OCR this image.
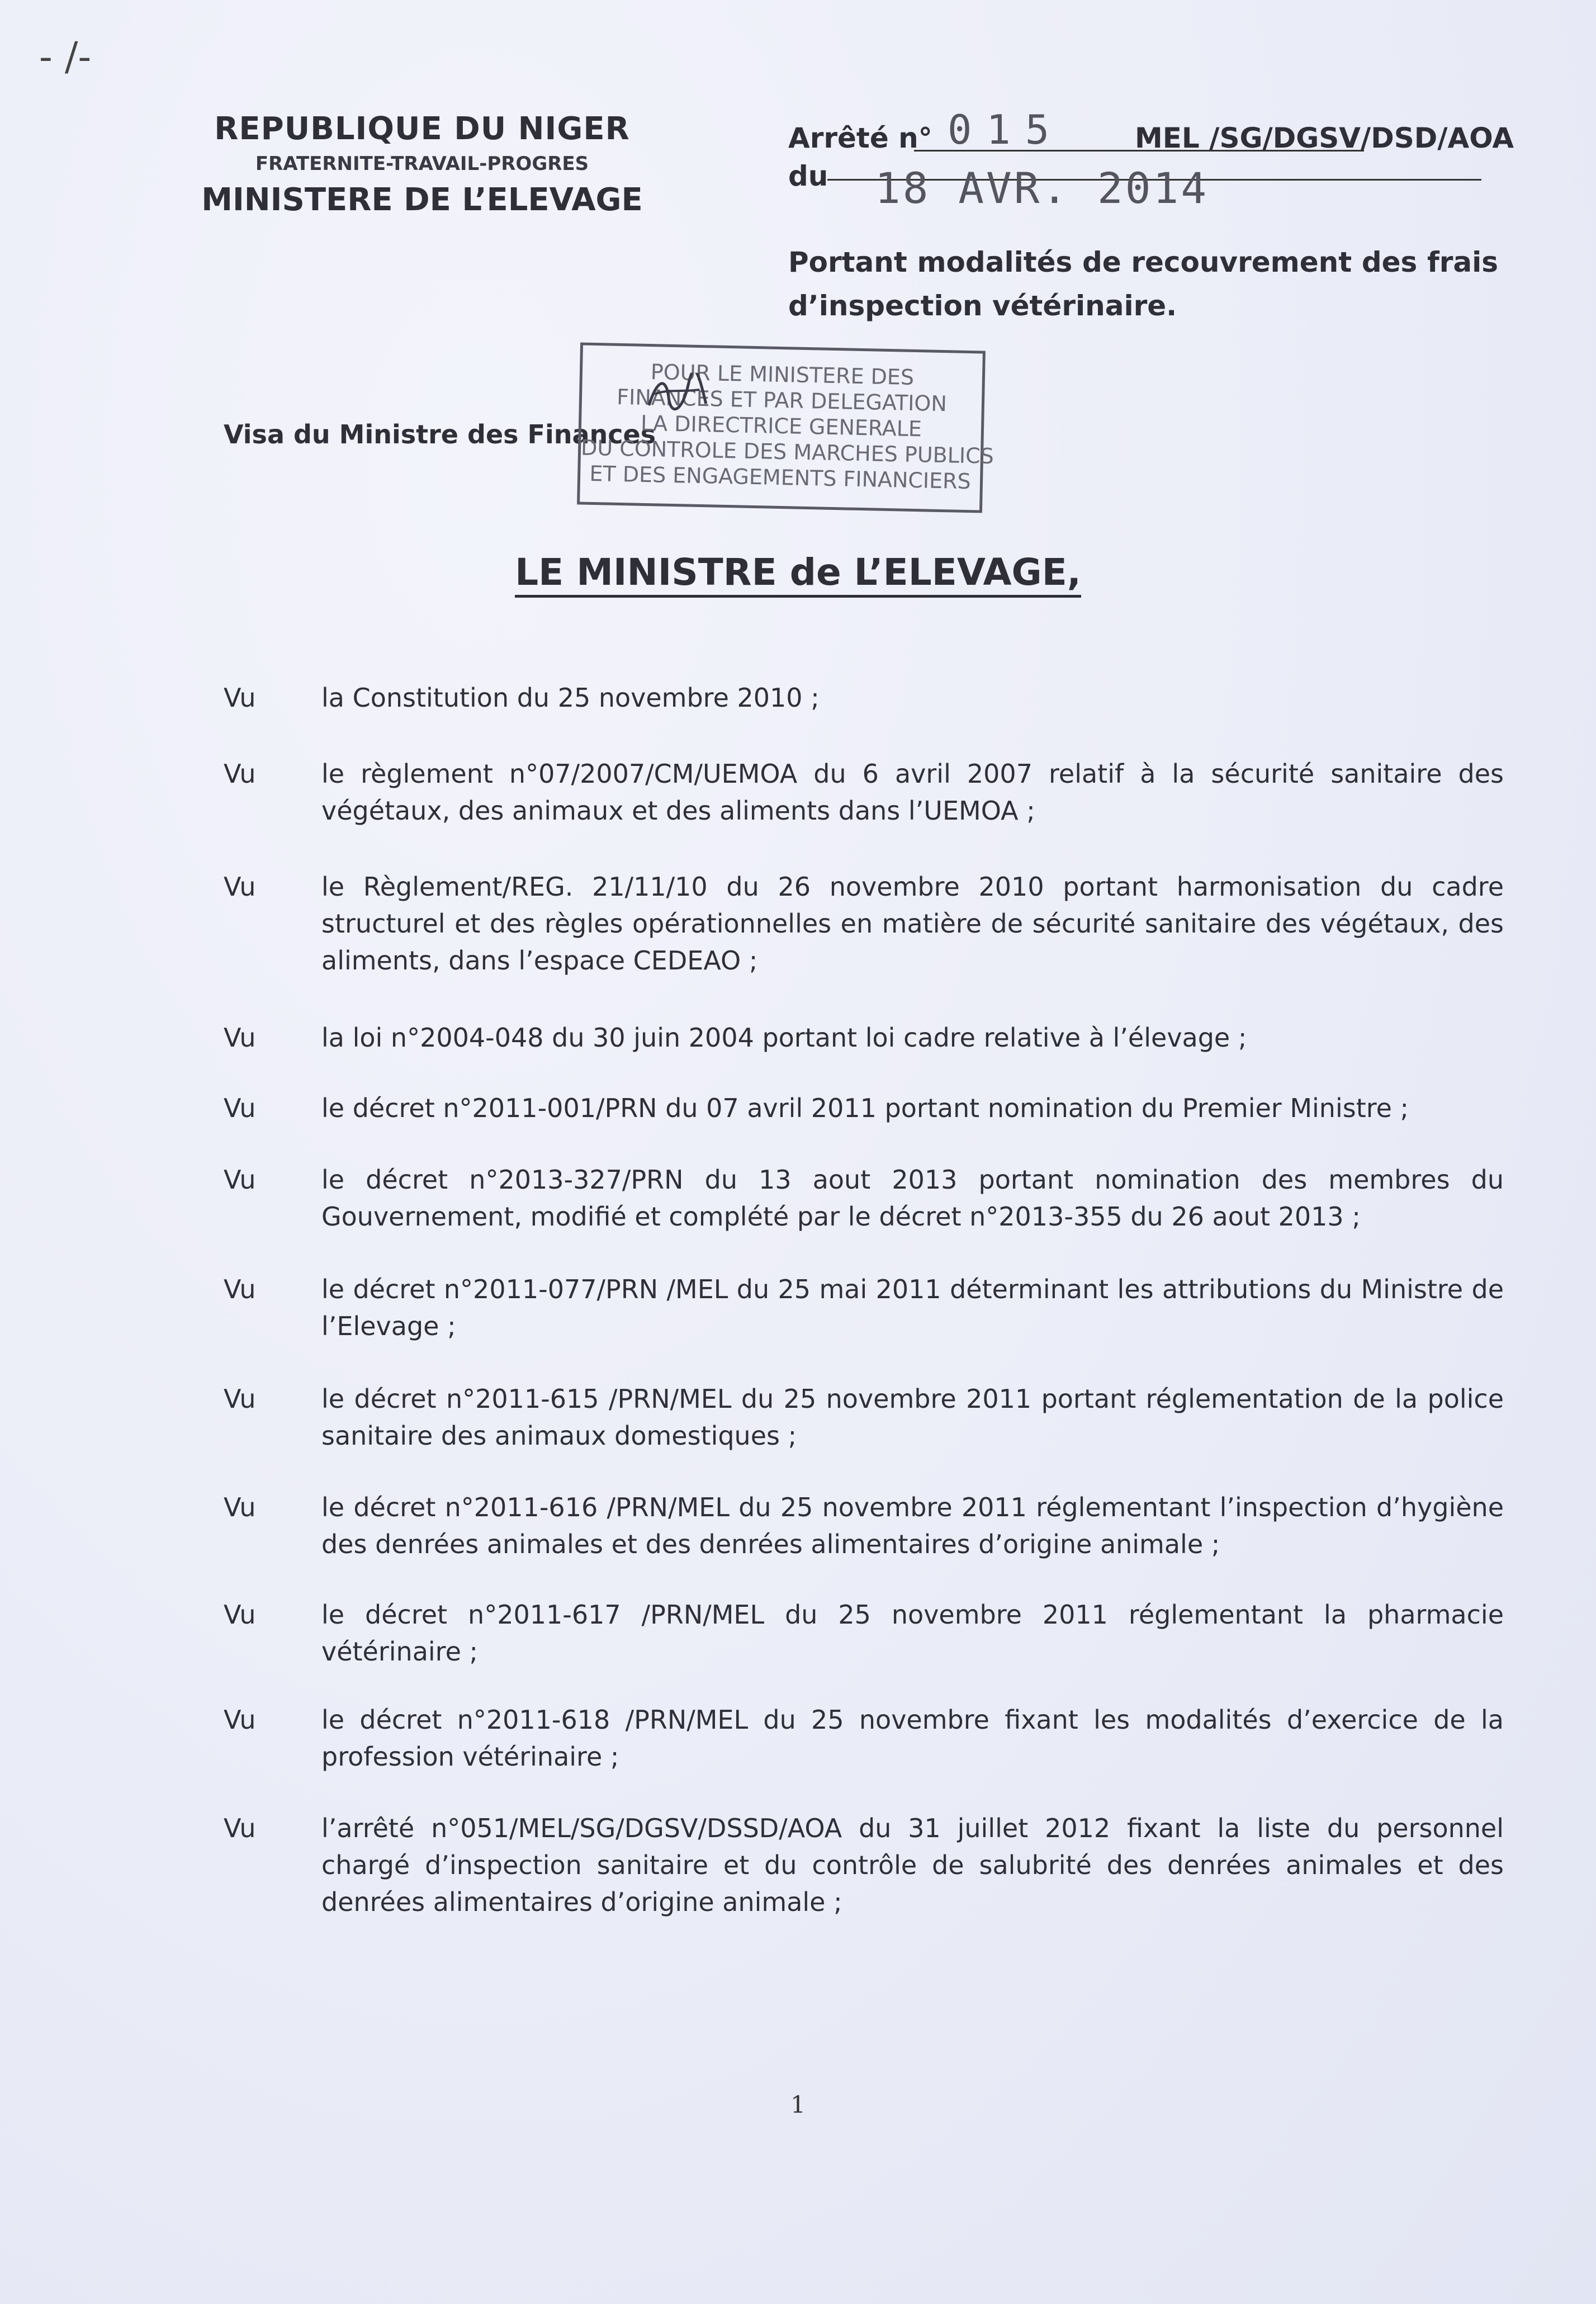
- /-

REPUBLIQUE DU NIGER

FRATERNITE-TRAVAIL-PROGRES

MINISTERE DE L’ELEVAGE

Arrêté n° 015	MEL /SG/DGSV/DSD/AOA
du 18 AVR. 2014
Portant modalités de recouvrement des frais d’inspection vétérinaire.
Visa du Ministre des Finances
POUR LE MINISTERE DES
FINANCES ET PAR DELEGATION
LA DIRECTRICE GENERALE
DU CONTROLE DES MARCHES PUBLICS
ET DES ENGAGEMENTS FINANCIERS
LE MINISTRE de L’ELEVAGE,
Vu	la Constitution du 25 novembre 2010 ;
Vu	le règlement n°07/2007/CM/UEMOA du 6 avril 2007 relatif à la sécurité sanitaire des végétaux, des animaux et des aliments dans l’UEMOA ;
Vu	le Règlement/REG. 21/11/10 du 26 novembre 2010 portant harmonisation du cadre structurel et des règles opérationnelles en matière de sécurité sanitaire des végétaux, des aliments, dans l’espace CEDEAO ;
Vu	la loi n°2004-048 du 30 juin 2004 portant loi cadre relative à l’élevage ;
Vu	le décret n°2011-001/PRN du 07 avril 2011 portant nomination du Premier Ministre ;
Vu	le décret n°2013-327/PRN du 13 aout 2013 portant nomination des membres du Gouvernement, modifié et complété par le décret n°2013-355 du 26 aout 2013 ;
Vu	le décret n°2011-077/PRN /MEL du 25 mai 2011 déterminant les attributions du Ministre de l’Elevage ;
Vu	le décret n°2011-615 /PRN/MEL du 25 novembre 2011 portant réglementation de la police sanitaire des animaux domestiques ;
Vu	le décret n°2011-616 /PRN/MEL du 25 novembre 2011 réglementant l’inspection d’hygiène des denrées animales et des denrées alimentaires d’origine animale ;
Vu	le décret n°2011-617 /PRN/MEL du 25 novembre 2011 réglementant la pharmacie vétérinaire ;
Vu	le décret n°2011-618 /PRN/MEL du 25 novembre fixant les modalités d’exercice de la profession vétérinaire ;
Vu	l’arrêté n°051/MEL/SG/DGSV/DSSD/AOA du 31 juillet 2012 fixant la liste du personnel chargé d’inspection sanitaire et du contrôle de salubrité des denrées animales et des denrées alimentaires d’origine animale ;
1
